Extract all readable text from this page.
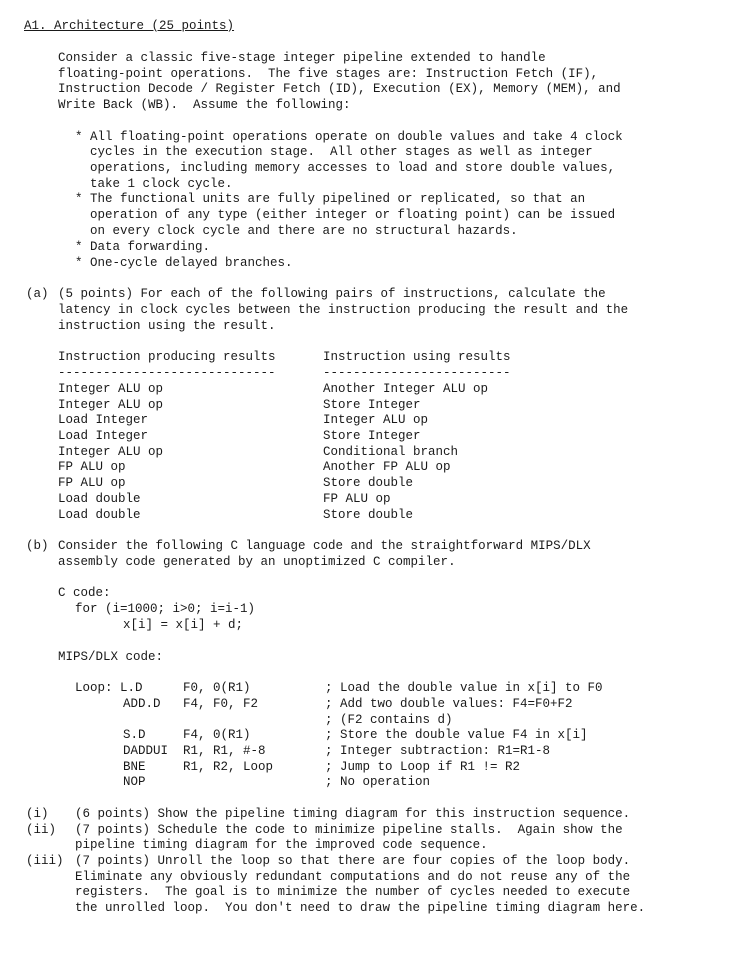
A1. Architecture (25 points)
Consider a classic five-stage integer pipeline extended to handle
floating-point operations.  The five stages are: Instruction Fetch (IF),
Instruction Decode / Register Fetch (ID), Execution (EX), Memory (MEM), and
Write Back (WB).  Assume the following:
* All floating-point operations operate on double values and take 4 clock
cycles in the execution stage.  All other stages as well as integer
operations, including memory accesses to load and store double values,
take 1 clock cycle.
* The functional units are fully pipelined or replicated, so that an
operation of any type (either integer or floating point) can be issued
on every clock cycle and there are no structural hazards.
* Data forwarding.
* One-cycle delayed branches.
(a) (5 points) For each of the following pairs of instructions, calculate the
latency in clock cycles between the instruction producing the result and the
instruction using the result.
Instruction producing results	Instruction using results
-----------------------------	-------------------------
Integer ALU op	Another Integer ALU op
Integer ALU op	Store Integer
Load Integer	Integer ALU op
Load Integer	Store Integer
Integer ALU op	Conditional branch
FP ALU op	Another FP ALU op
FP ALU op	Store double
Load double	FP ALU op
Load double	Store double
(b) Consider the following C language code and the straightforward MIPS/DLX
assembly code generated by an unoptimized C compiler.
C code:
for (i=1000; i>0; i=i-1)
x[i] = x[i] + d;
MIPS/DLX code:
Loop: L.D	F0, 0(R1)	; Load the double value in x[i] to F0
ADD.D F4, F0, F2	; Add two double values: F4=F0+F2
; (F2 contains d)
S.D	F4, 0(R1)	; Store the double value F4 in x[i]
DADDUI R1, R1, #-8	; Integer subtraction: R1=R1-8
BNE	R1, R2, Loop	; Jump to Loop if R1 != R2
NOP	; No operation
(i) (6 points) Show the pipeline timing diagram for this instruction sequence.
(ii) (7 points) Schedule the code to minimize pipeline stalls.  Again show the
pipeline timing diagram for the improved code sequence.
(iii) (7 points) Unroll the loop so that there are four copies of the loop body.
Eliminate any obviously redundant computations and do not reuse any of the
registers.  The goal is to minimize the number of cycles needed to execute
the unrolled loop.  You don't need to draw the pipeline timing diagram here.
